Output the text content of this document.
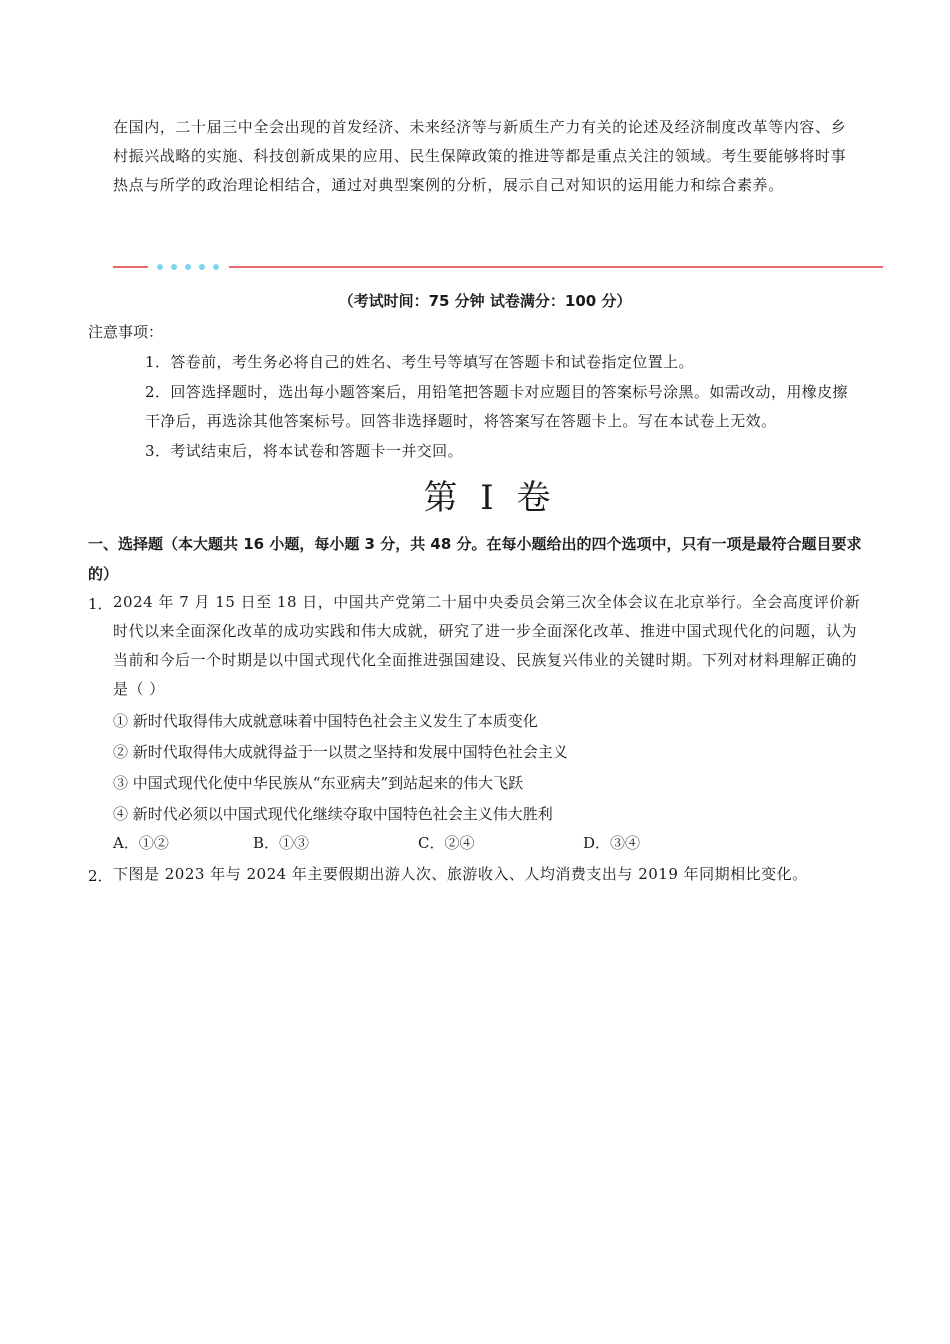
在国内，二十届三中全会出现的首发经济、未来经济等与新质生产力有关的论述及经济制度改革等内容、乡村振兴战略的实施、科技创新成果的应用、民生保障政策的推进等都是重点关注的领域。考生要能够将时事热点与所学的政治理论相结合，通过对典型案例的分析，展示自己对知识的运用能力和综合素养。
（考试时间：75 分钟 试卷满分：100 分）
注意事项：
1．答卷前，考生务必将自己的姓名、考生号等填写在答题卡和试卷指定位置上。
2．回答选择题时，选出每小题答案后，用铅笔把答题卡对应题目的答案标号涂黑。如需改动，用橡皮擦干净后，再选涂其他答案标号。回答非选择题时，将答案写在答题卡上。写在本试卷上无效。
3．考试结束后，将本试卷和答题卡一并交回。
第 I 卷
一、选择题（本大题共 16 小题，每小题 3 分，共 48 分。在每小题给出的四个选项中，只有一项是最符合题目要求的）
1． 2024 年 7 月 15 日至 18 日，中国共产党第二十届中央委员会第三次全体会议在北京举行。全会高度评价新时代以来全面深化改革的成功实践和伟大成就，研究了进一步全面深化改革、推进中国式现代化的问题，认为当前和今后一个时期是以中国式现代化全面推进强国建设、民族复兴伟业的关键时期。下列对材料理解正确的是（ ）
① 新时代取得伟大成就意味着中国特色社会主义发生了本质变化
② 新时代取得伟大成就得益于一以贯之坚持和发展中国特色社会主义
③ 中国式现代化使中华民族从“东亚病夫”到站起来的伟大飞跃
④ 新时代必须以中国式现代化继续夺取中国特色社会主义伟大胜利
A．①②	B．①③	C．②④	D．③④
2． 下图是 2023 年与 2024 年主要假期出游人次、旅游收入、人均消费支出与 2019 年同期相比变化。
